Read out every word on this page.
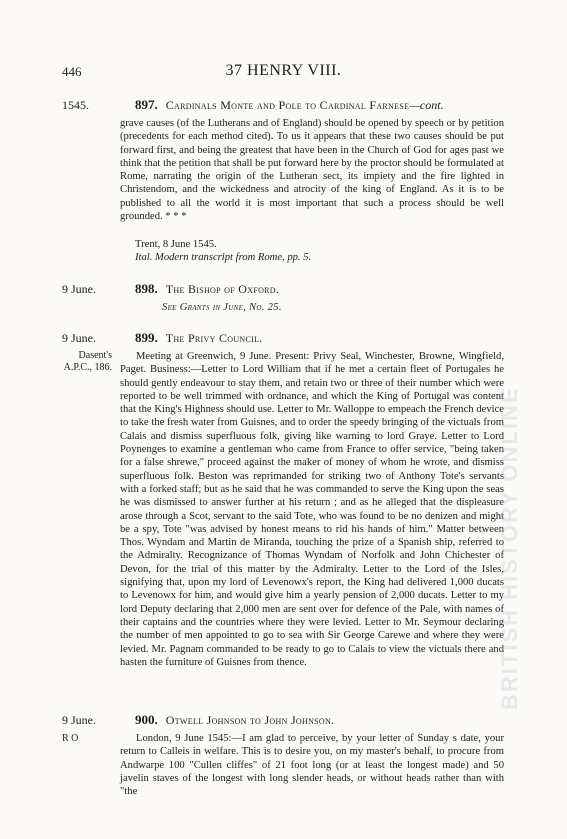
446	37 HENRY VIII.
1545.	897. Cardinals Monte and Pole to Cardinal Farnese—cont.

grave causes (of the Lutherans and of England) should be opened by speech or by petition (precedents for each method cited). To us it appears that these two causes should be put forward first, and being the greatest that have been in the Church of God for ages past we think that the petition that shall be put forward here by the proctor should be formulated at Rome, narrating the origin of the Lutheran sect, its impiety and the fire lighted in Christendom, and the wickedness and atrocity of the king of England. As it is to be published to all the world it is most important that such a process should be well grounded. * * *

Trent, 8 June 1545.
Ital. Modern transcript from Rome, pp. 5.
9 June.	898. The Bishop of Oxford.
See Grants in June, No. 25.
9 June.	899. The Privy Council.
Dasent's A.P.C., 186.

Meeting at Greenwich, 9 June. Present: Privy Seal, Winchester, Browne, Wingfield, Paget. Business:—Letter to Lord William that if he met a certain fleet of Portugales he should gently endeavour to stay them, and retain two or three of their number which were reported to be well trimmed with ordnance, and which the King of Portugal was content that the King's Highness should use. Letter to Mr. Walloppe to empeach the French device to take the fresh water from Guisnes, and to order the speedy bringing of the victuals from Calais and dismiss superfluous folk, giving like warning to lord Graye. Letter to Lord Poynenges to examine a gentleman who came from France to offer service, "being taken for a false shrewe," proceed against the maker of money of whom he wrote, and dismiss superfluous folk. Beston was reprimanded for striking two of Anthony Tote's servants with a forked staff; but as he said that he was commanded to serve the King upon the seas he was dismissed to answer further at his return ; and as he alleged that the displeasure arose through a Scot, servant to the said Tote, who was found to be no denizen and might be a spy, Tote "was advised by honest means to rid his hands of him." Matter between Thos. Wyndam and Martin de Miranda, touching the prize of a Spanish ship, referred to the Admiralty. Recognizance of Thomas Wyndam of Norfolk and John Chichester of Devon, for the trial of this matter by the Admiralty. Letter to the Lord of the Isles, signifying that, upon my lord of Levenowx's report, the King had delivered 1,000 ducats to Levenowx for him, and would give him a yearly pension of 2,000 ducats. Letter to my lord Deputy declaring that 2,000 men are sent over for defence of the Pale, with names of their captains and the countries where they were levied. Letter to Mr. Seymour declaring the number of men appointed to go to sea with Sir George Carewe and where they were levied. Mr. Pagnam commanded to be ready to go to Calais to view the victuals there and hasten the furniture of Guisnes from thence.

9 June.	900. Otwell Johnson to John Johnson.
R O	London, 9 June 1545:—I am glad to perceive, by your letter of Sunday s date, your return to Calleis in welfare. This is to desire you, on my master's behalf, to procure from Andwarpe 100 "Cullen cliffes" of 21 foot long (or at least the longest made) and 50 javelin staves of the longest with long slender heads, or without heads rather than with "the

BRITISH HISTORY ONLINE
